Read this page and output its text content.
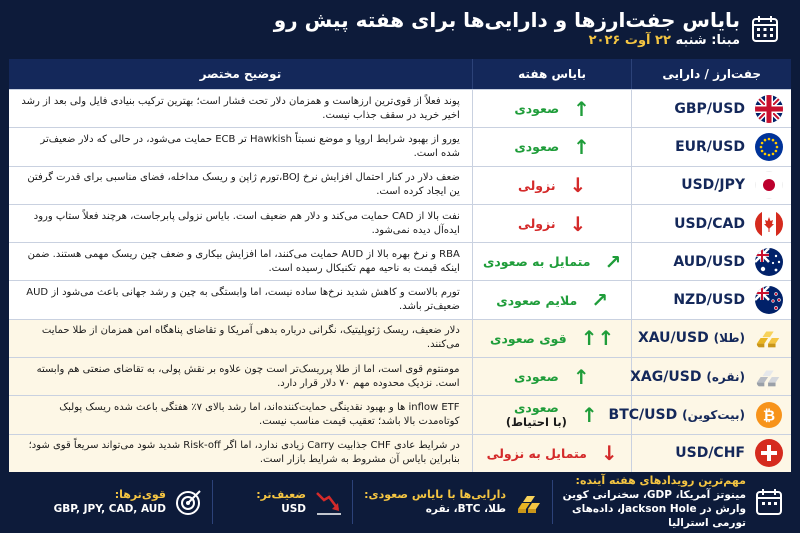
بایاس جفت‌ارزها و دارایی‌ها برای هفته پیش رو
مبنا: شنبه ۲۲ آوت ۲۰۲۶
جفت‌ارز / دارایی
بایاس هفته
توضیح مختصر
GBP/USD
↑
صعودی
پوند فعلاً از قوی‌ترین ارزهاست و همزمان دلار تحت فشار است؛ بهترین ترکیب بنیادی فایل ولی بعد از رشد اخیر خرید در سقف جذاب نیست.
EUR/USD
↑
صعودی
یورو از بهبود شرایط اروپا و موضع نسبتاً Hawkish تر ECB حمایت می‌شود، در حالی که دلار ضعیف‌تر شده است.
USD/JPY
↓
نزولی
ضعف دلار در کنار احتمال افزایش نرخ BOJ،تورم ژاپن و ریسک مداخله، فضای مناسبی برای قدرت گرفتن ین ایجاد کرده است.
USD/CAD
↓
نزولی
نفت بالا از CAD حمایت می‌کند و دلار هم ضعیف است. بایاس نزولی پابرجاست، هرچند فعلاً ستاپ ورود ایده‌آل دیده نمی‌شود.
AUD/USD
↗
متمایل به صعودی
RBA و نرخ بهره بالا از AUD حمایت می‌کنند، اما افزایش بیکاری و ضعف چین ریسک مهمی هستند. ضمن اینکه قیمت به ناحیه مهم تکنیکال رسیده است.
NZD/USD
↗
ملایم صعودی
تورم بالاست و کاهش شدید نرخ‌ها ساده نیست، اما وابستگی به چین و رشد جهانی باعث می‌شود از AUD ضعیف‌تر باشد.
XAU/USD (طلا)
↑↑
قوی صعودی
دلار ضعیف، ریسک ژئوپلیتیک، نگرانی درباره بدهی آمریکا و تقاضای پناهگاه امن همزمان از طلا حمایت می‌کنند.
XAG/USD (نقره)
↑
صعودی
مومنتوم قوی است، اما از طلا پرریسک‌تر است چون علاوه بر نقش پولی، به تقاضای صنعتی هم وابسته است. نزدیک محدوده مهم ۷۰ دلار قرار دارد.
BTC/USD (بیت‌کوین) ₿
↑
صعودی
(با احتیاط)
inflow ETF ها و بهبود نقدینگی حمایت‌کننده‌اند، اما رشد بالای ۷٪ هفتگی باعث شده ریسک پولبک کوتاه‌مدت بالا باشد؛ تعقیب قیمت مناسب نیست.
USD/CHF
↓
متمایل به نزولی
در شرایط عادی CHF جذابیت Carry زیادی ندارد، اما اگر Risk-off شدید شود می‌تواند سریعاً قوی شود؛ بنابراین بایاس آن مشروط به شرایط بازار است.
مهم‌ترین رویدادهای هفته آینده:
مینوتز آمریکا، GDP، سخنرانی کوین وارش در Jackson Hole، داده‌های تورمی استرالیا
دارایی‌ها با بایاس صعودی:
طلا، BTC، نقره
ضعیف‌تر:
USD
قوی‌ترها:
GBP, JPY, CAD, AUD
